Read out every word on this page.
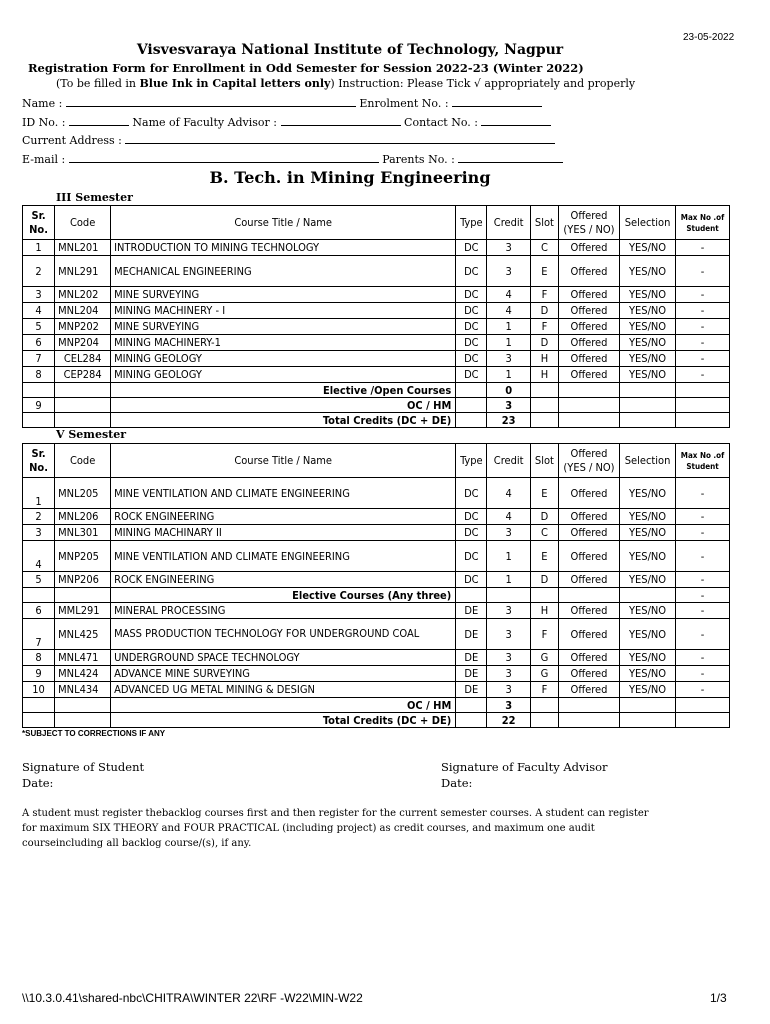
23-05-2022
Visvesvaraya National Institute of Technology, Nagpur
Registration Form for Enrollment in Odd Semester for Session 2022-23 (Winter 2022)
(To be filled in Blue Ink in Capital letters only) Instruction: Please Tick √ appropriately and properly
Name :	Enrolment No. :
ID No. :	Name of Faculty Advisor :	Contact No. :
Current Address :
E-mail :	Parents No. :
B. Tech. in Mining Engineering
III Semester
Sr. No.	Code	Course Title / Name	Type	Credit	Slot	Offered (YES / NO)	Selection	Max No .of Student
1	MNL201	INTRODUCTION TO MINING TECHNOLOGY	DC	3	C	Offered	YES/NO	-
2	MNL291	MECHANICAL ENGINEERING	DC	3	E	Offered	YES/NO	-
3	MNL202	MINE SURVEYING	DC	4	F	Offered	YES/NO	-
4	MNL204	MINING MACHINERY - I	DC	4	D	Offered	YES/NO	-
5	MNP202	MINE SURVEYING	DC	1	F	Offered	YES/NO	-
6	MNP204	MINING MACHINERY-1	DC	1	D	Offered	YES/NO	-
7	CEL284	MINING GEOLOGY	DC	3	H	Offered	YES/NO	-
8	CEP284	MINING GEOLOGY	DC	1	H	Offered	YES/NO	-
		Elective /Open Courses		0				
9		OC / HM		3				
		Total Credits (DC + DE)		23				
V Semester
Sr. No.	Code	Course Title / Name	Type	Credit	Slot	Offered (YES / NO)	Selection	Max No .of Student
1	MNL205	MINE VENTILATION AND CLIMATE ENGINEERING	DC	4	E	Offered	YES/NO	-
2	MNL206	ROCK ENGINEERING	DC	4	D	Offered	YES/NO	-
3	MNL301	MINING MACHINARY II	DC	3	C	Offered	YES/NO	-
4	MNP205	MINE VENTILATION AND CLIMATE ENGINEERING	DC	1	E	Offered	YES/NO	-
5	MNP206	ROCK ENGINEERING	DC	1	D	Offered	YES/NO	-
		Elective Courses (Any three)						-
6	MML291	MINERAL PROCESSING	DE	3	H	Offered	YES/NO	-
7	MNL425	MASS PRODUCTION TECHNOLOGY FOR UNDERGROUND COAL	DE	3	F	Offered	YES/NO	-
8	MNL471	UNDERGROUND SPACE TECHNOLOGY	DE	3	G	Offered	YES/NO	-
9	MNL424	ADVANCE MINE SURVEYING	DE	3	G	Offered	YES/NO	-
10	MNL434	ADVANCED UG METAL MINING & DESIGN	DE	3	F	Offered	YES/NO	-
		OC / HM		3				
		Total Credits (DC + DE)		22				
*SUBJECT TO CORRECTIONS IF ANY
Signature of Student
Date:
Signature of Faculty Advisor
Date:
A student must register thebacklog courses first and then register for the current semester courses. A student can register for maximum SIX THEORY and FOUR PRACTICAL (including project) as credit courses, and maximum one audit courseincluding all backlog course/(s), if any.
\\10.3.0.41\shared-nbc\CHITRA\WINTER 22\RF -W22\MIN-W22	1/3
